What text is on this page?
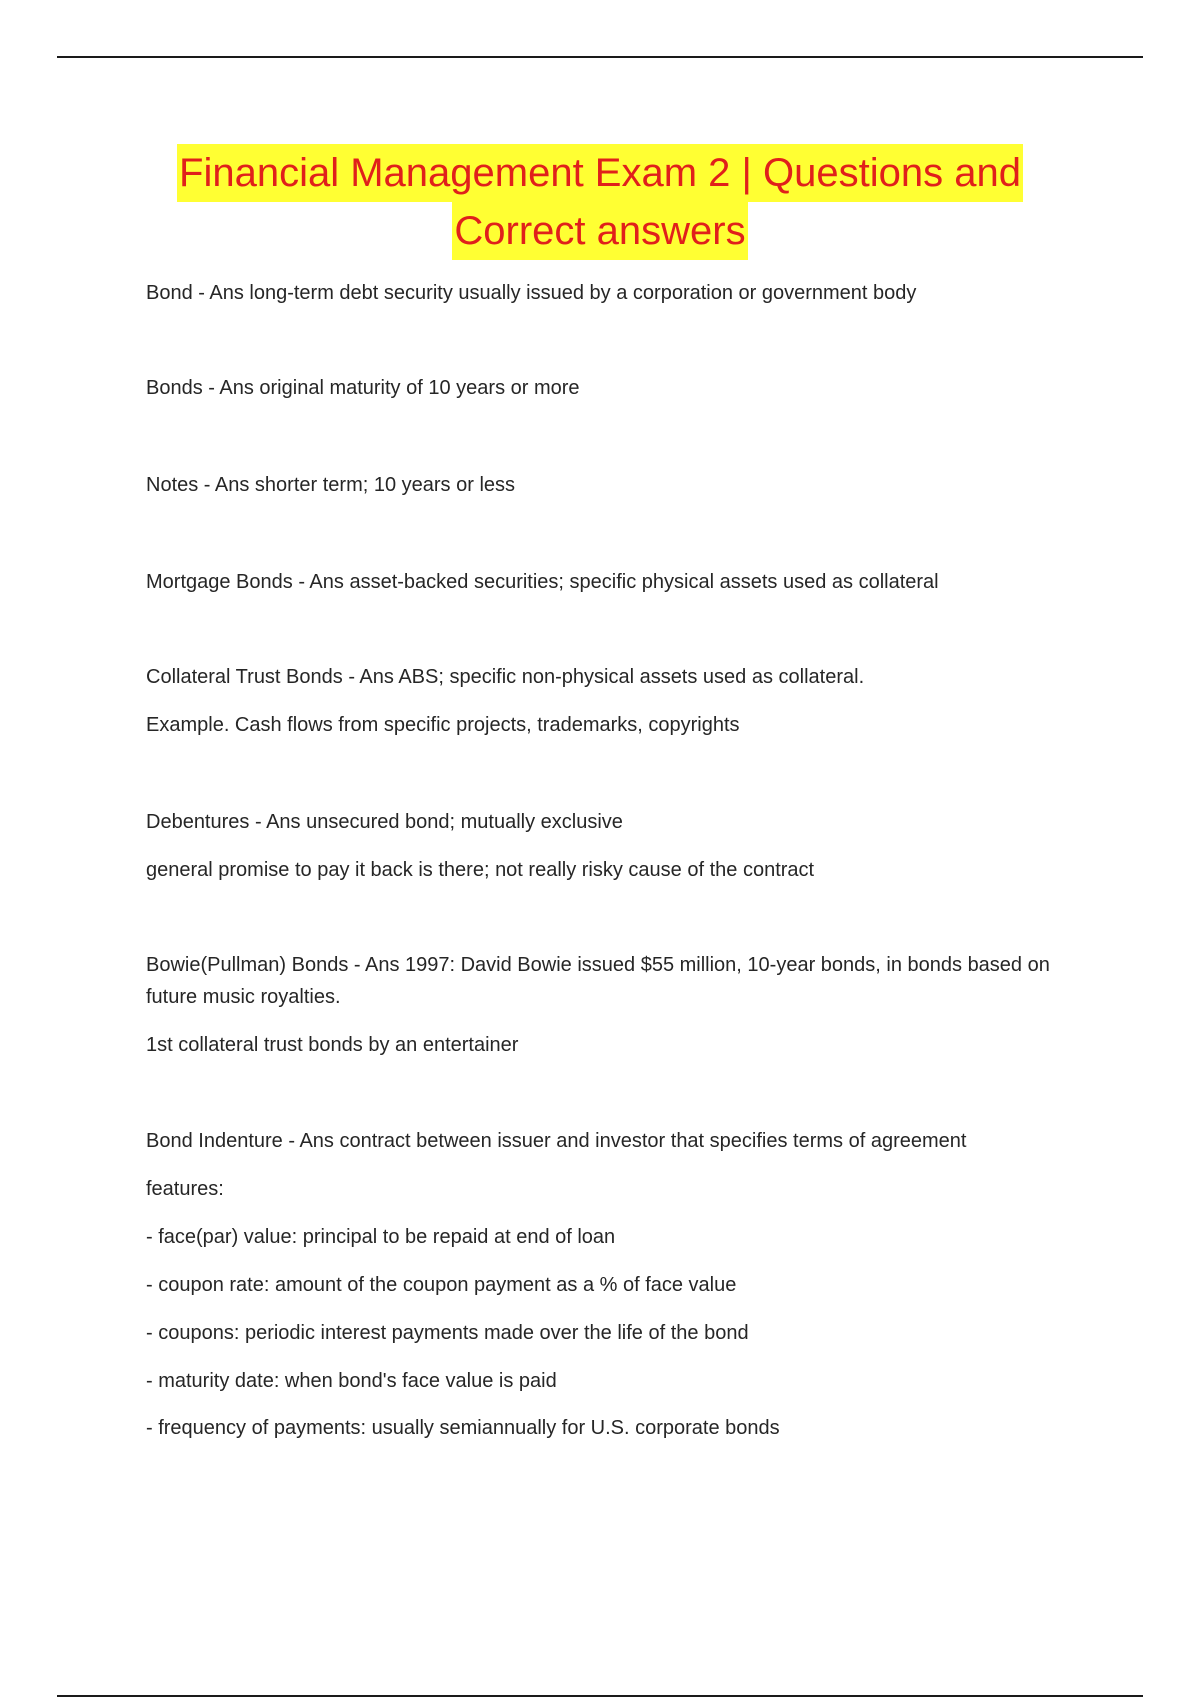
Financial Management Exam 2 | Questions and
Correct answers
Bond - Ans long-term debt security usually issued by a corporation or government body
Bonds - Ans original maturity of 10 years or more
Notes - Ans shorter term; 10 years or less
Mortgage Bonds - Ans asset-backed securities; specific physical assets used as collateral
Collateral Trust Bonds - Ans ABS; specific non-physical assets used as collateral.
Example. Cash flows from specific projects, trademarks, copyrights
Debentures - Ans unsecured bond; mutually exclusive
general promise to pay it back is there; not really risky cause of the contract
Bowie(Pullman) Bonds - Ans 1997: David Bowie issued $55 million, 10-year bonds, in bonds based on future music royalties.
1st collateral trust bonds by an entertainer
Bond Indenture - Ans contract between issuer and investor that specifies terms of agreement
features:
- face(par) value: principal to be repaid at end of loan
- coupon rate: amount of the coupon payment as a % of face value
- coupons: periodic interest payments made over the life of the bond
- maturity date: when bond's face value is paid
- frequency of payments: usually semiannually for U.S. corporate bonds
